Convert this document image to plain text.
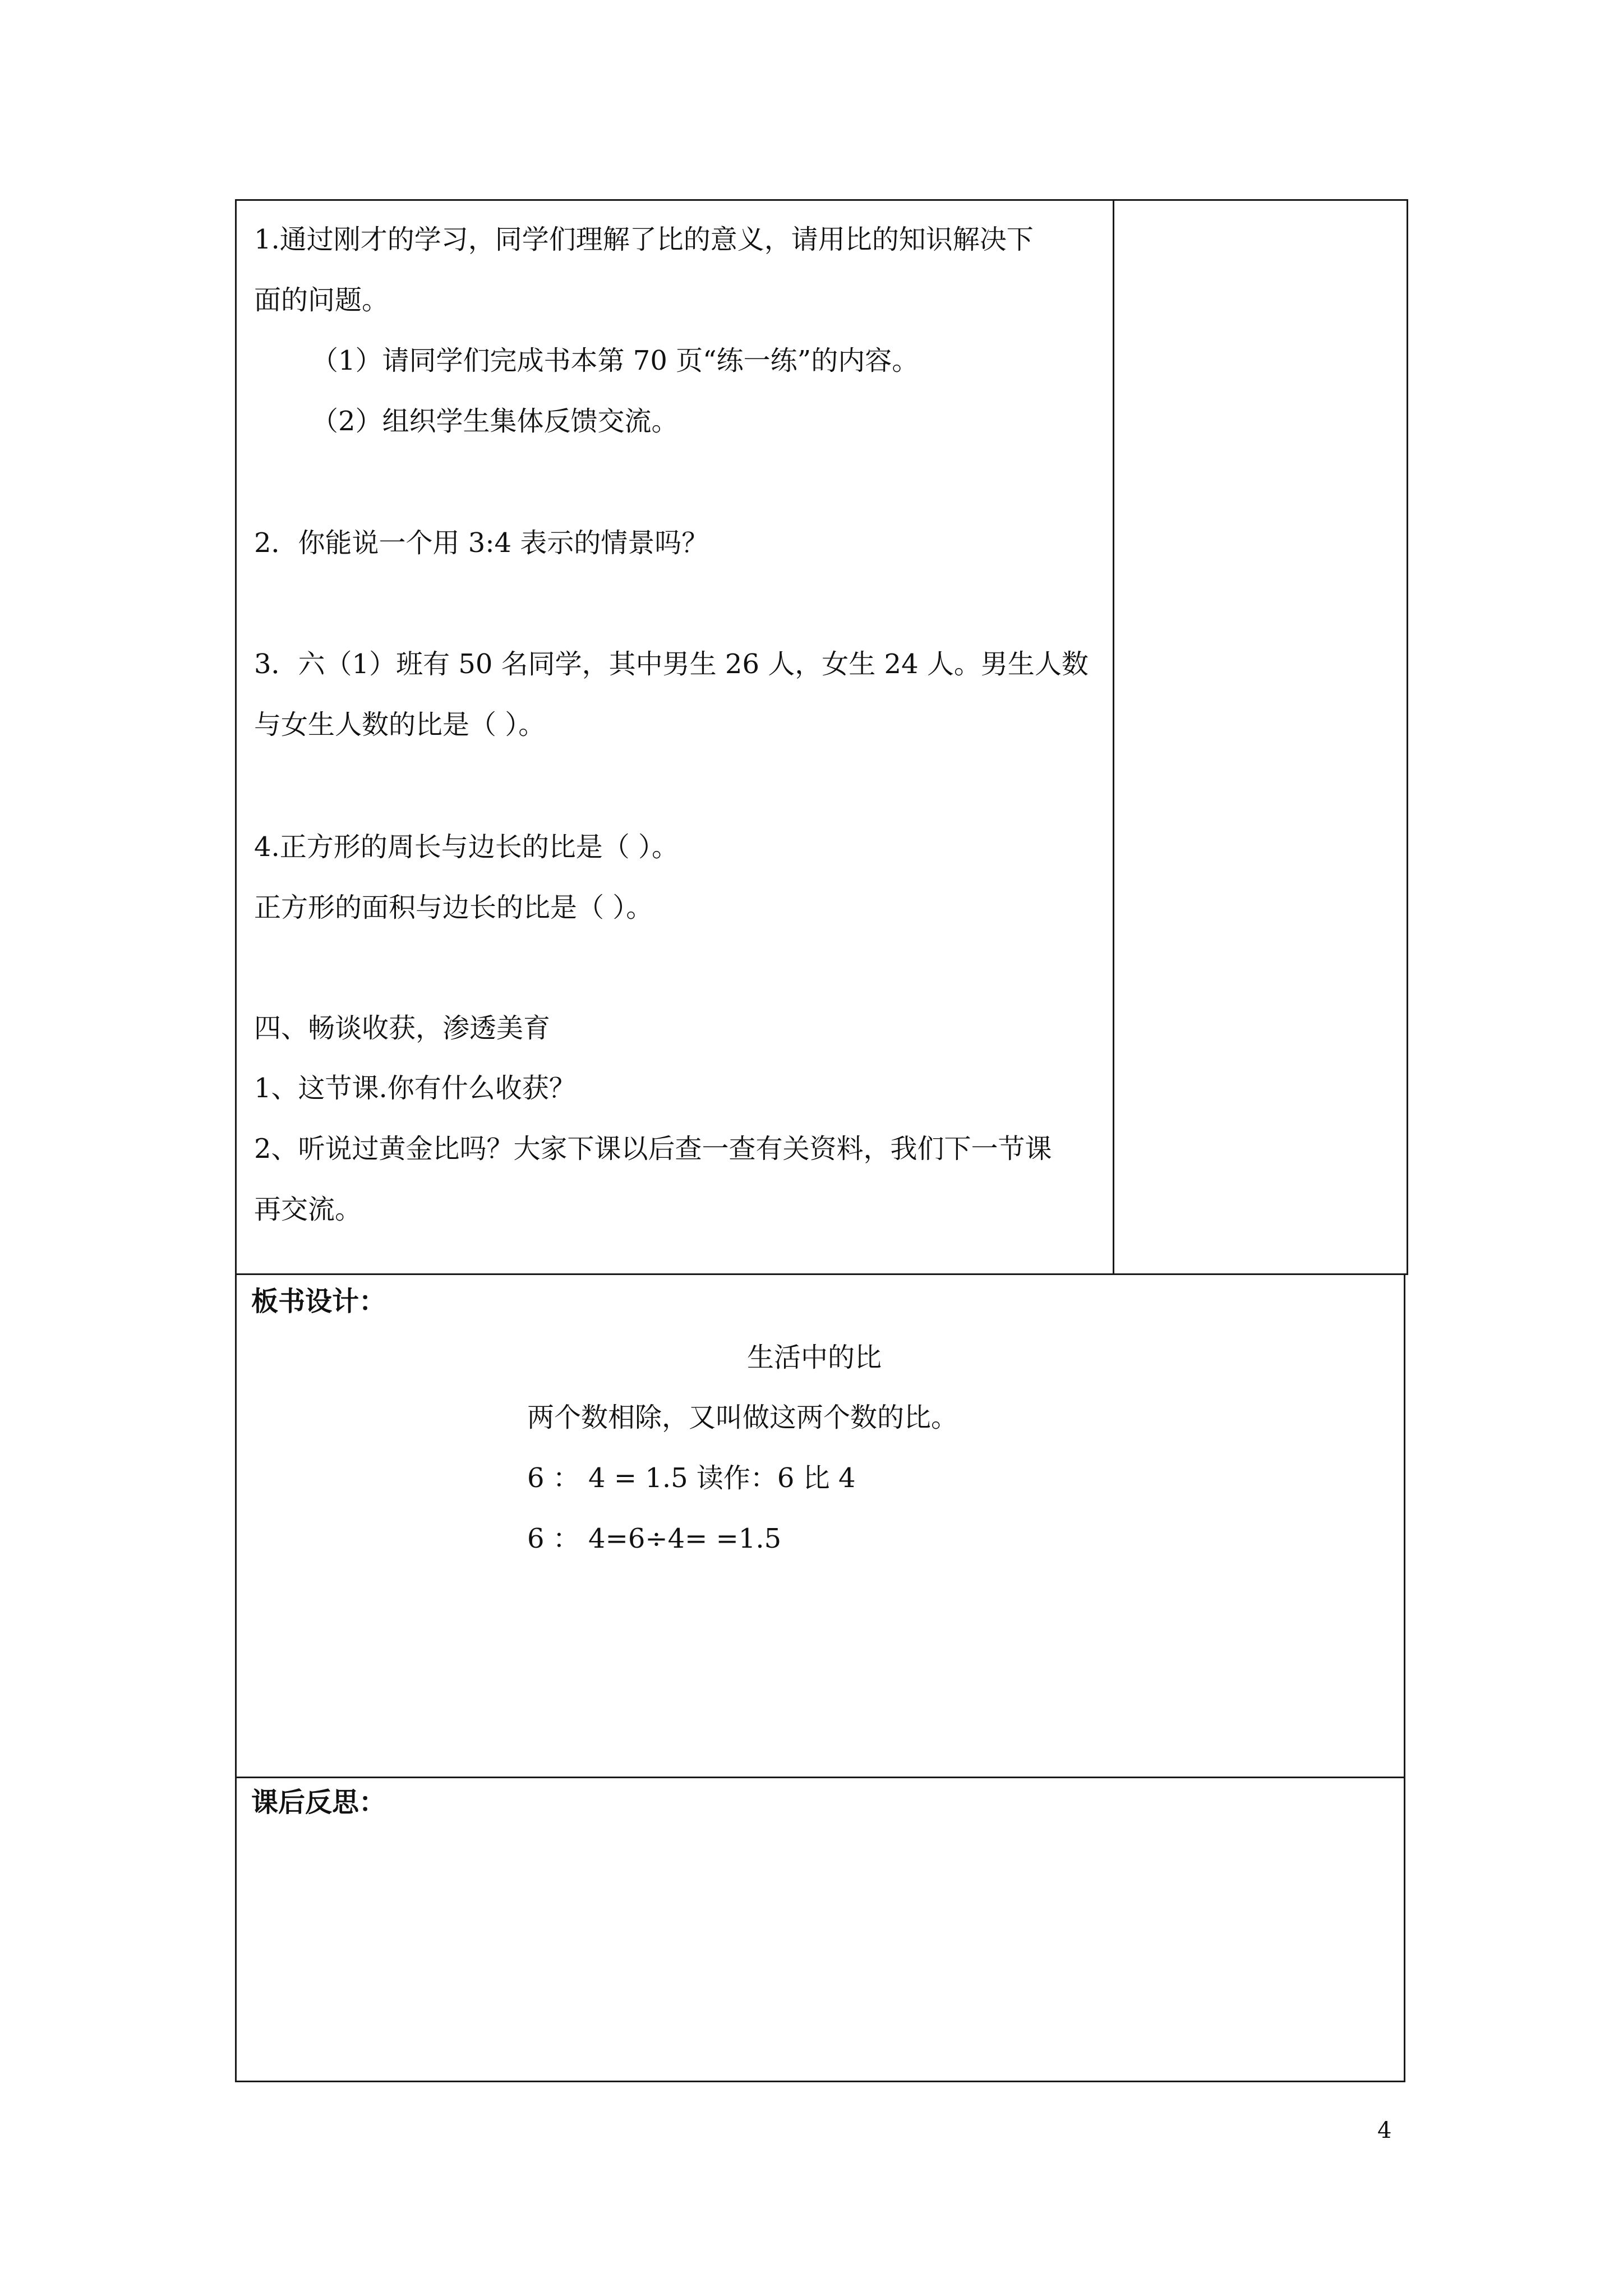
1.通过刚才的学习，同学们理解了比的意义，请用比的知识解决下
面的问题。
（1）请同学们完成书本第 70 页“练一练”的内容。
（2）组织学生集体反馈交流。
2．你能说一个用 3:4 表示的情景吗？
3．六（1）班有 50 名同学，其中男生 26 人，女生 24 人。男生人数
与女生人数的比是（ ）。
4.正方形的周长与边长的比是（ ）。
正方形的面积与边长的比是（ ）。
四、畅谈收获，渗透美育
1、这节课.你有什么收获？
2、听说过黄金比吗？大家下课以后查一查有关资料，我们下一节课
再交流。
板书设计：
生活中的比
两个数相除，又叫做这两个数的比。
6 ： 4 = 1.5 读作：6 比 4
6 ： 4=6÷4= =1.5
课后反思：
4
